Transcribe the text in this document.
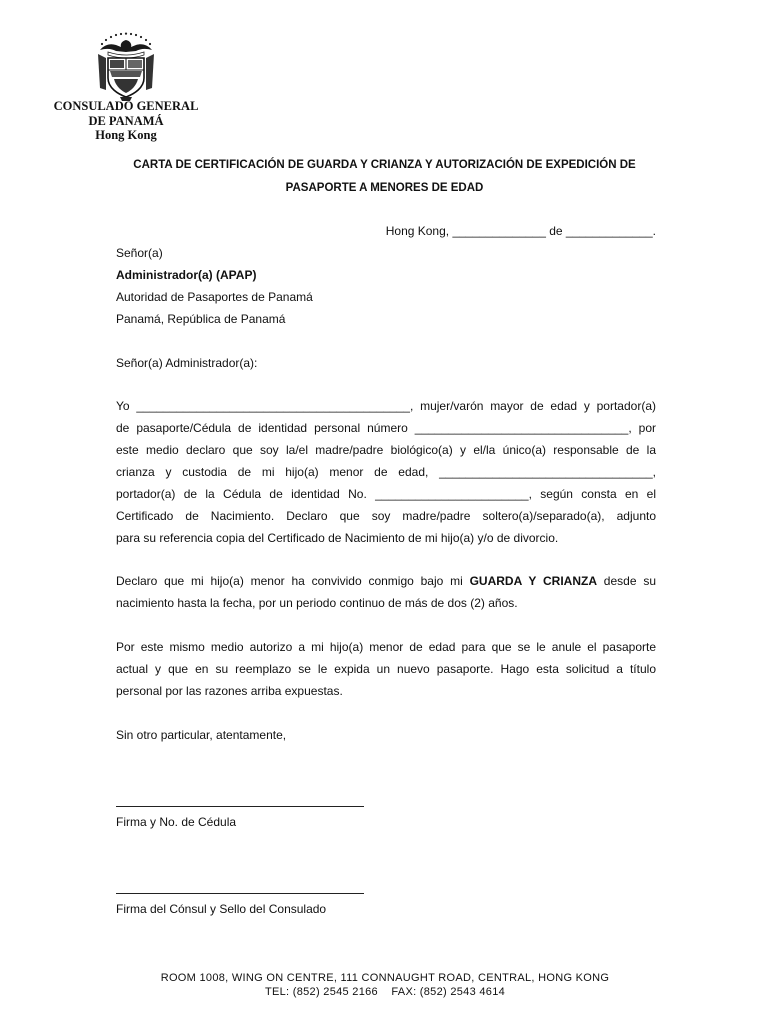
CONSULADO GENERAL
DE PANAMÁ
Hong Kong
CARTA DE CERTIFICACIÓN DE GUARDA Y CRIANZA Y AUTORIZACIÓN DE EXPEDICIÓN DE
PASAPORTE A MENORES DE EDAD
Hong Kong, ______________ de _____________.
Señor(a)
Administrador(a) (APAP)
Autoridad de Pasaportes de Panamá
Panamá, República de Panamá
Señor(a) Administrador(a):
Yo _________________________________________, mujer/varón mayor de edad y portador(a)
de pasaporte/Cédula de identidad personal número ________________________________, por
este medio declaro que soy la/el madre/padre biológico(a) y el/la único(a) responsable de la
crianza y custodia de mi hijo(a) menor de edad, ________________________________,
portador(a) de la Cédula de identidad No. _______________________, según consta en el
Certificado de Nacimiento. Declaro que soy madre/padre soltero(a)/separado(a), adjunto
para su referencia copia del Certificado de Nacimiento de mi hijo(a) y/o de divorcio.
Declaro que mi hijo(a) menor ha convivido conmigo bajo mi GUARDA Y CRIANZA desde su
nacimiento hasta la fecha, por un periodo continuo de más de dos (2) años.
Por este mismo medio autorizo a mi hijo(a) menor de edad para que se le anule el pasaporte
actual y que en su reemplazo se le expida un nuevo pasaporte. Hago esta solicitud a título
personal por las razones arriba expuestas.
Sin otro particular, atentamente,
Firma y No. de Cédula
Firma del Cónsul y Sello del Consulado
ROOM 1008, WING ON CENTRE, 111 CONNAUGHT ROAD, CENTRAL, HONG KONG
TEL: (852) 2545 2166    FAX: (852) 2543 4614
